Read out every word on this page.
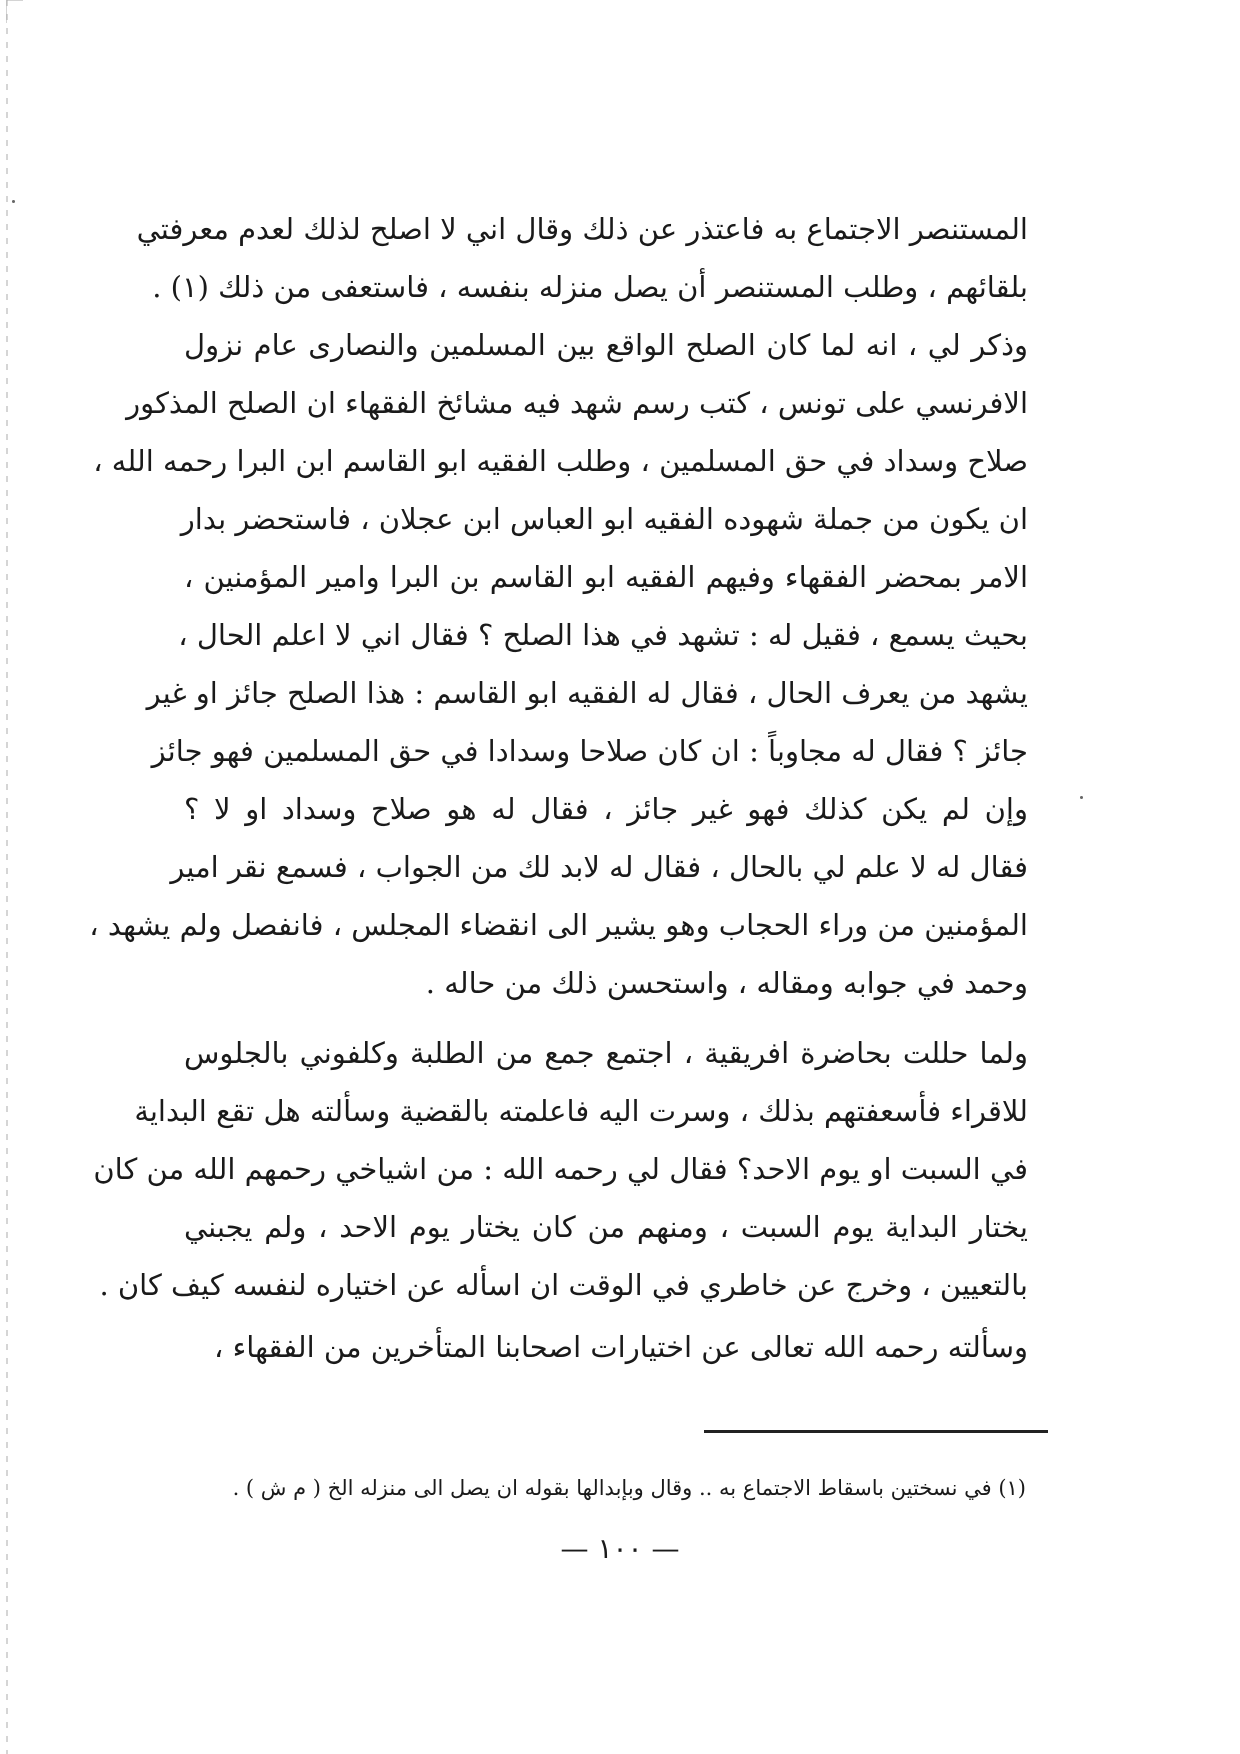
المستنصر الاجتماع به فاعتذر عن ذلك وقال اني لا اصلح لذلك لعدم معرفتي
بلقائهم ، وطلب المستنصر أن يصل منزله بنفسه ، فاستعفى من ذلك (١) .
وذكر لي ، انه لما كان الصلح الواقع بين المسلمين والنصارى عام نزول
الافرنسي على تونس ، كتب رسم شهد فيه مشائخ الفقهاء ان الصلح المذكور
صلاح وسداد في حق المسلمين ، وطلب الفقيه ابو القاسم ابن البرا رحمه الله ،
ان يكون من جملة شهوده الفقيه ابو العباس ابن عجلان ، فاستحضر بدار
الامر بمحضر الفقهاء وفيهم الفقيه ابو القاسم بن البرا وامير المؤمنين ،
بحيث يسمع ، فقيل له : تشهد في هذا الصلح ؟ فقال اني لا اعلم الحال ،
يشهد من يعرف الحال ، فقال له الفقيه ابو القاسم : هذا الصلح جائز او غير
جائز ؟ فقال له مجاوباً : ان كان صلاحا وسدادا في حق المسلمين فهو جائز
وإن لم يكن كذلك فهو غير جائز ، فقال له هو صلاح وسداد او لا ؟
فقال له لا علم لي بالحال ، فقال له لابد لك من الجواب ، فسمع نقر امير
المؤمنين من وراء الحجاب وهو يشير الى انقضاء المجلس ، فانفصل ولم يشهد ،
وحمد في جوابه ومقاله ، واستحسن ذلك من حاله .
ولما حللت بحاضرة افريقية ، اجتمع جمع من الطلبة وكلفوني بالجلوس
للاقراء فأسعفتهم بذلك ، وسرت اليه فاعلمته بالقضية وسألته هل تقع البداية
في السبت او يوم الاحد؟ فقال لي رحمه الله : من اشياخي رحمهم الله من كان
يختار البداية يوم السبت ، ومنهم من كان يختار يوم الاحد ، ولم يجبني
بالتعيين ، وخرج عن خاطري في الوقت ان اسأله عن اختياره لنفسه كيف كان .
وسألته رحمه الله تعالى عن اختيارات اصحابنا المتأخرين من الفقهاء ،
(١) في نسختين باسقاط الاجتماع به .. وقال وبإبدالها بقوله ان يصل الى منزله الخ ( م ش ) .
— ١٠٠ —
